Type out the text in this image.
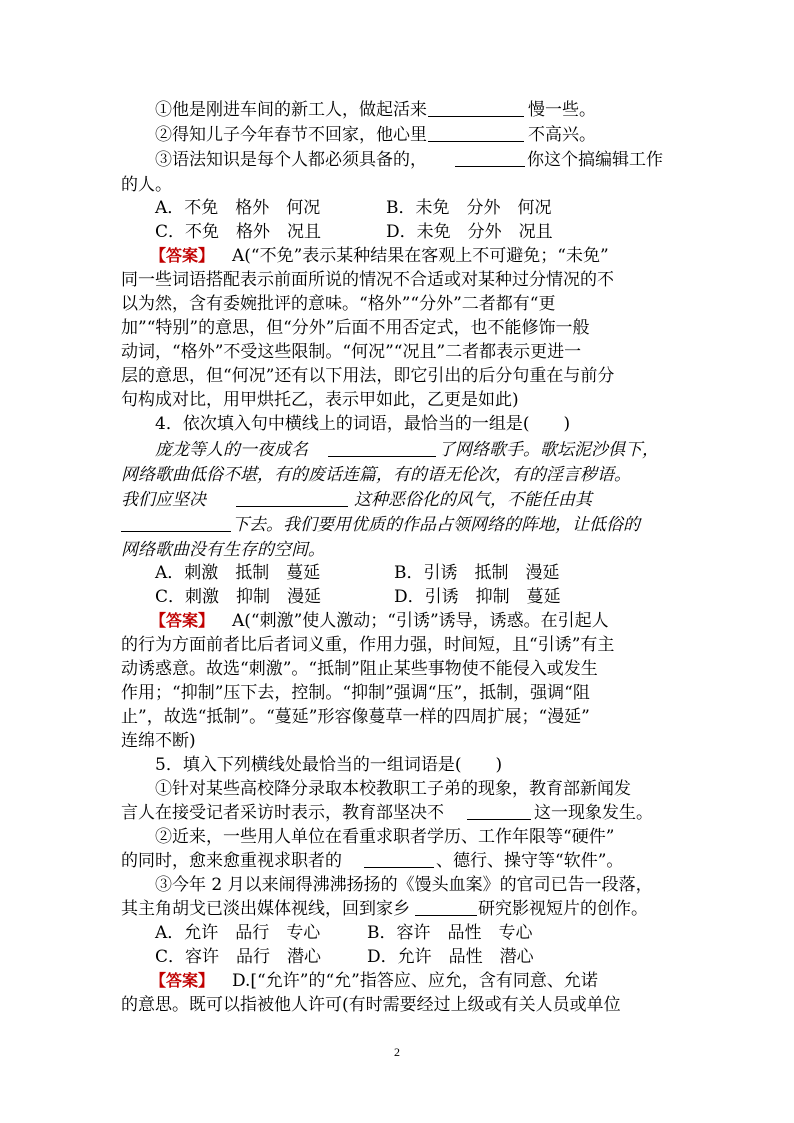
①他是刚进车间的新工人，做起活来	慢一些。
②得知儿子今年春节不回家，他心里	不高兴。
③语法知识是每个人都必须具备的，	你这个搞编辑工作
的人。
A．不免　格外　何况	B．未免　分外　何况
C．不免　格外　况且	D．未免　分外　况且
【答案】 A(“不免”表示某种结果在客观上不可避免；“未免”
同一些词语搭配表示前面所说的情况不合适或对某种过分情况的不
以为然，含有委婉批评的意味。“格外”“分外”二者都有“更
加”“特别”的意思，但“分外”后面不用否定式，也不能修饰一般
动词，“格外”不受这些限制。“何况”“况且”二者都表示更进一
层的意思，但“何况”还有以下用法，即它引出的后分句重在与前分
句构成对比，用甲烘托乙，表示甲如此，乙更是如此)
4．依次填入句中横线上的词语，最恰当的一组是(　　)
庞龙等人的一夜成名	了网络歌手。歌坛泥沙俱下，
网络歌曲低俗不堪，有的废话连篇，有的语无伦次，有的淫言秽语。
我们应坚决	这种恶俗化的风气，不能任由其
下去。我们要用优质的作品占领网络的阵地，让低俗的
网络歌曲没有生存的空间。
A．刺激　抵制　蔓延	B．引诱　抵制　漫延
C．刺激　抑制　漫延	D．引诱　抑制　蔓延
【答案】 A(“刺激”使人激动；“引诱”诱导，诱惑。在引起人
的行为方面前者比后者词义重，作用力强，时间短，且“引诱”有主
动诱惑意。故选“刺激”。“抵制”阻止某些事物使不能侵入或发生
作用；“抑制”压下去，控制。“抑制”强调“压”，抵制，强调“阻
止”，故选“抵制”。“蔓延”形容像蔓草一样的四周扩展；“漫延”
连绵不断)
5．填入下列横线处最恰当的一组词语是(　　)
①针对某些高校降分录取本校教职工子弟的现象，教育部新闻发
言人在接受记者采访时表示，教育部坚决不	这一现象发生。
②近来，一些用人单位在看重求职者学历、工作年限等“硬件”
的同时，愈来愈重视求职者的	、德行、操守等“软件”。
③今年 2 月以来闹得沸沸扬扬的《馒头血案》的官司已告一段落，
其主角胡戈已淡出媒体视线，回到家乡	研究影视短片的创作。
A．允许　品行　专心	B．容许　品性　专心
C．容许　品行　潜心	D．允许　品性　潜心
【答案】 D.[“允许”的“允”指答应、应允，含有同意、允诺
的意思。既可以指被他人许可(有时需要经过上级或有关人员或单位
2
